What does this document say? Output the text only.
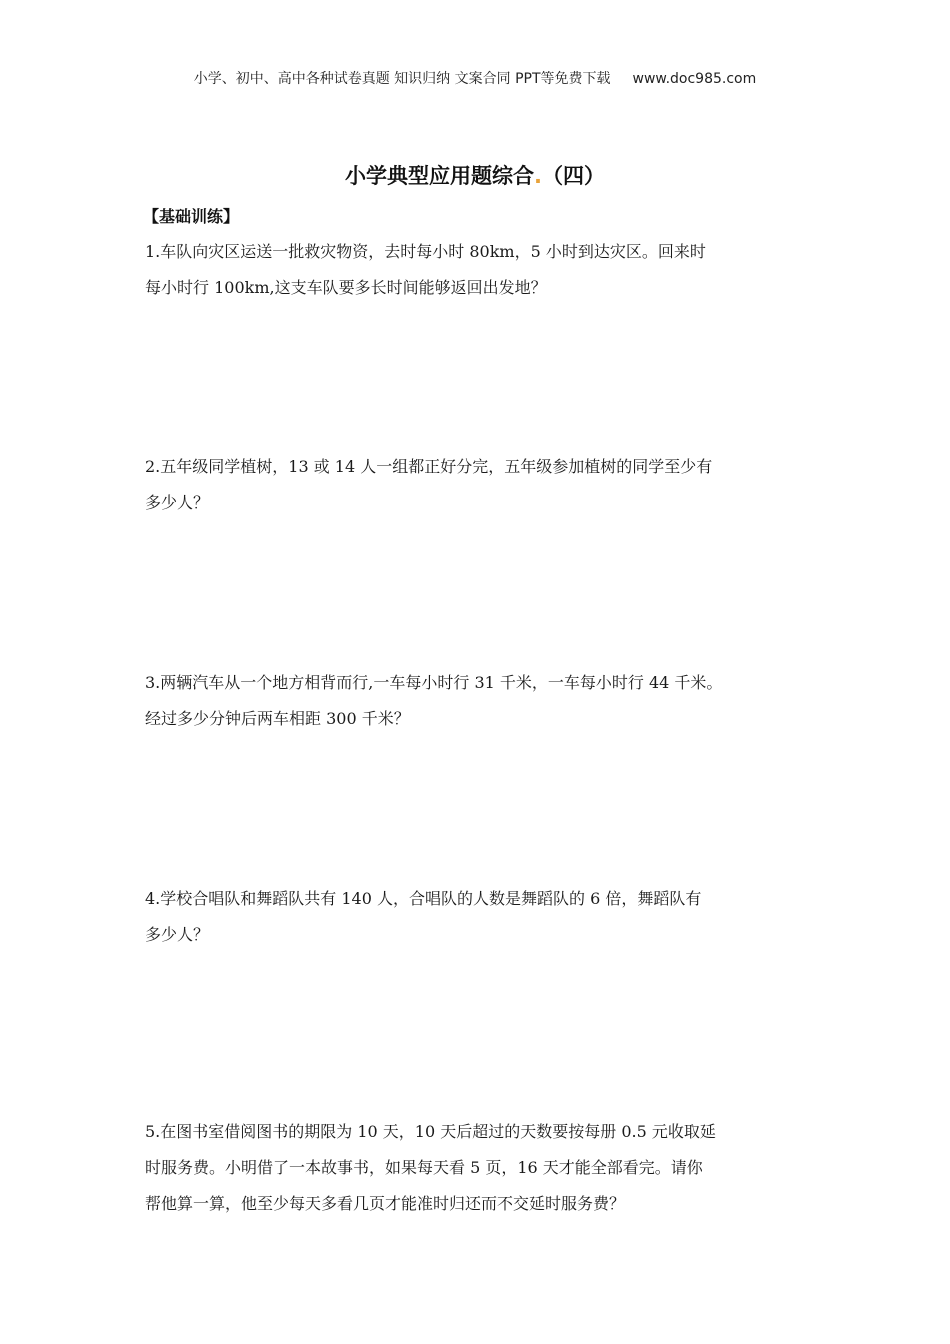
小学、初中、高中各种试卷真题 知识归纳 文案合同 PPT等免费下载 www.doc985.com
小学典型应用题综合.（四）
【基础训练】
1.车队向灾区运送一批救灾物资，去时每小时 80km，5 小时到达灾区。回来时
每小时行 100km,这支车队要多长时间能够返回出发地？
2.五年级同学植树，13 或 14 人一组都正好分完，五年级参加植树的同学至少有
多少人？
3.两辆汽车从一个地方相背而行,一车每小时行 31 千米，一车每小时行 44 千米。
经过多少分钟后两车相距 300 千米？
4.学校合唱队和舞蹈队共有 140 人，合唱队的人数是舞蹈队的 6 倍，舞蹈队有
多少人？
5.在图书室借阅图书的期限为 10 天，10 天后超过的天数要按每册 0.5 元收取延
时服务费。小明借了一本故事书，如果每天看 5 页，16 天才能全部看完。请你
帮他算一算，他至少每天多看几页才能准时归还而不交延时服务费？
